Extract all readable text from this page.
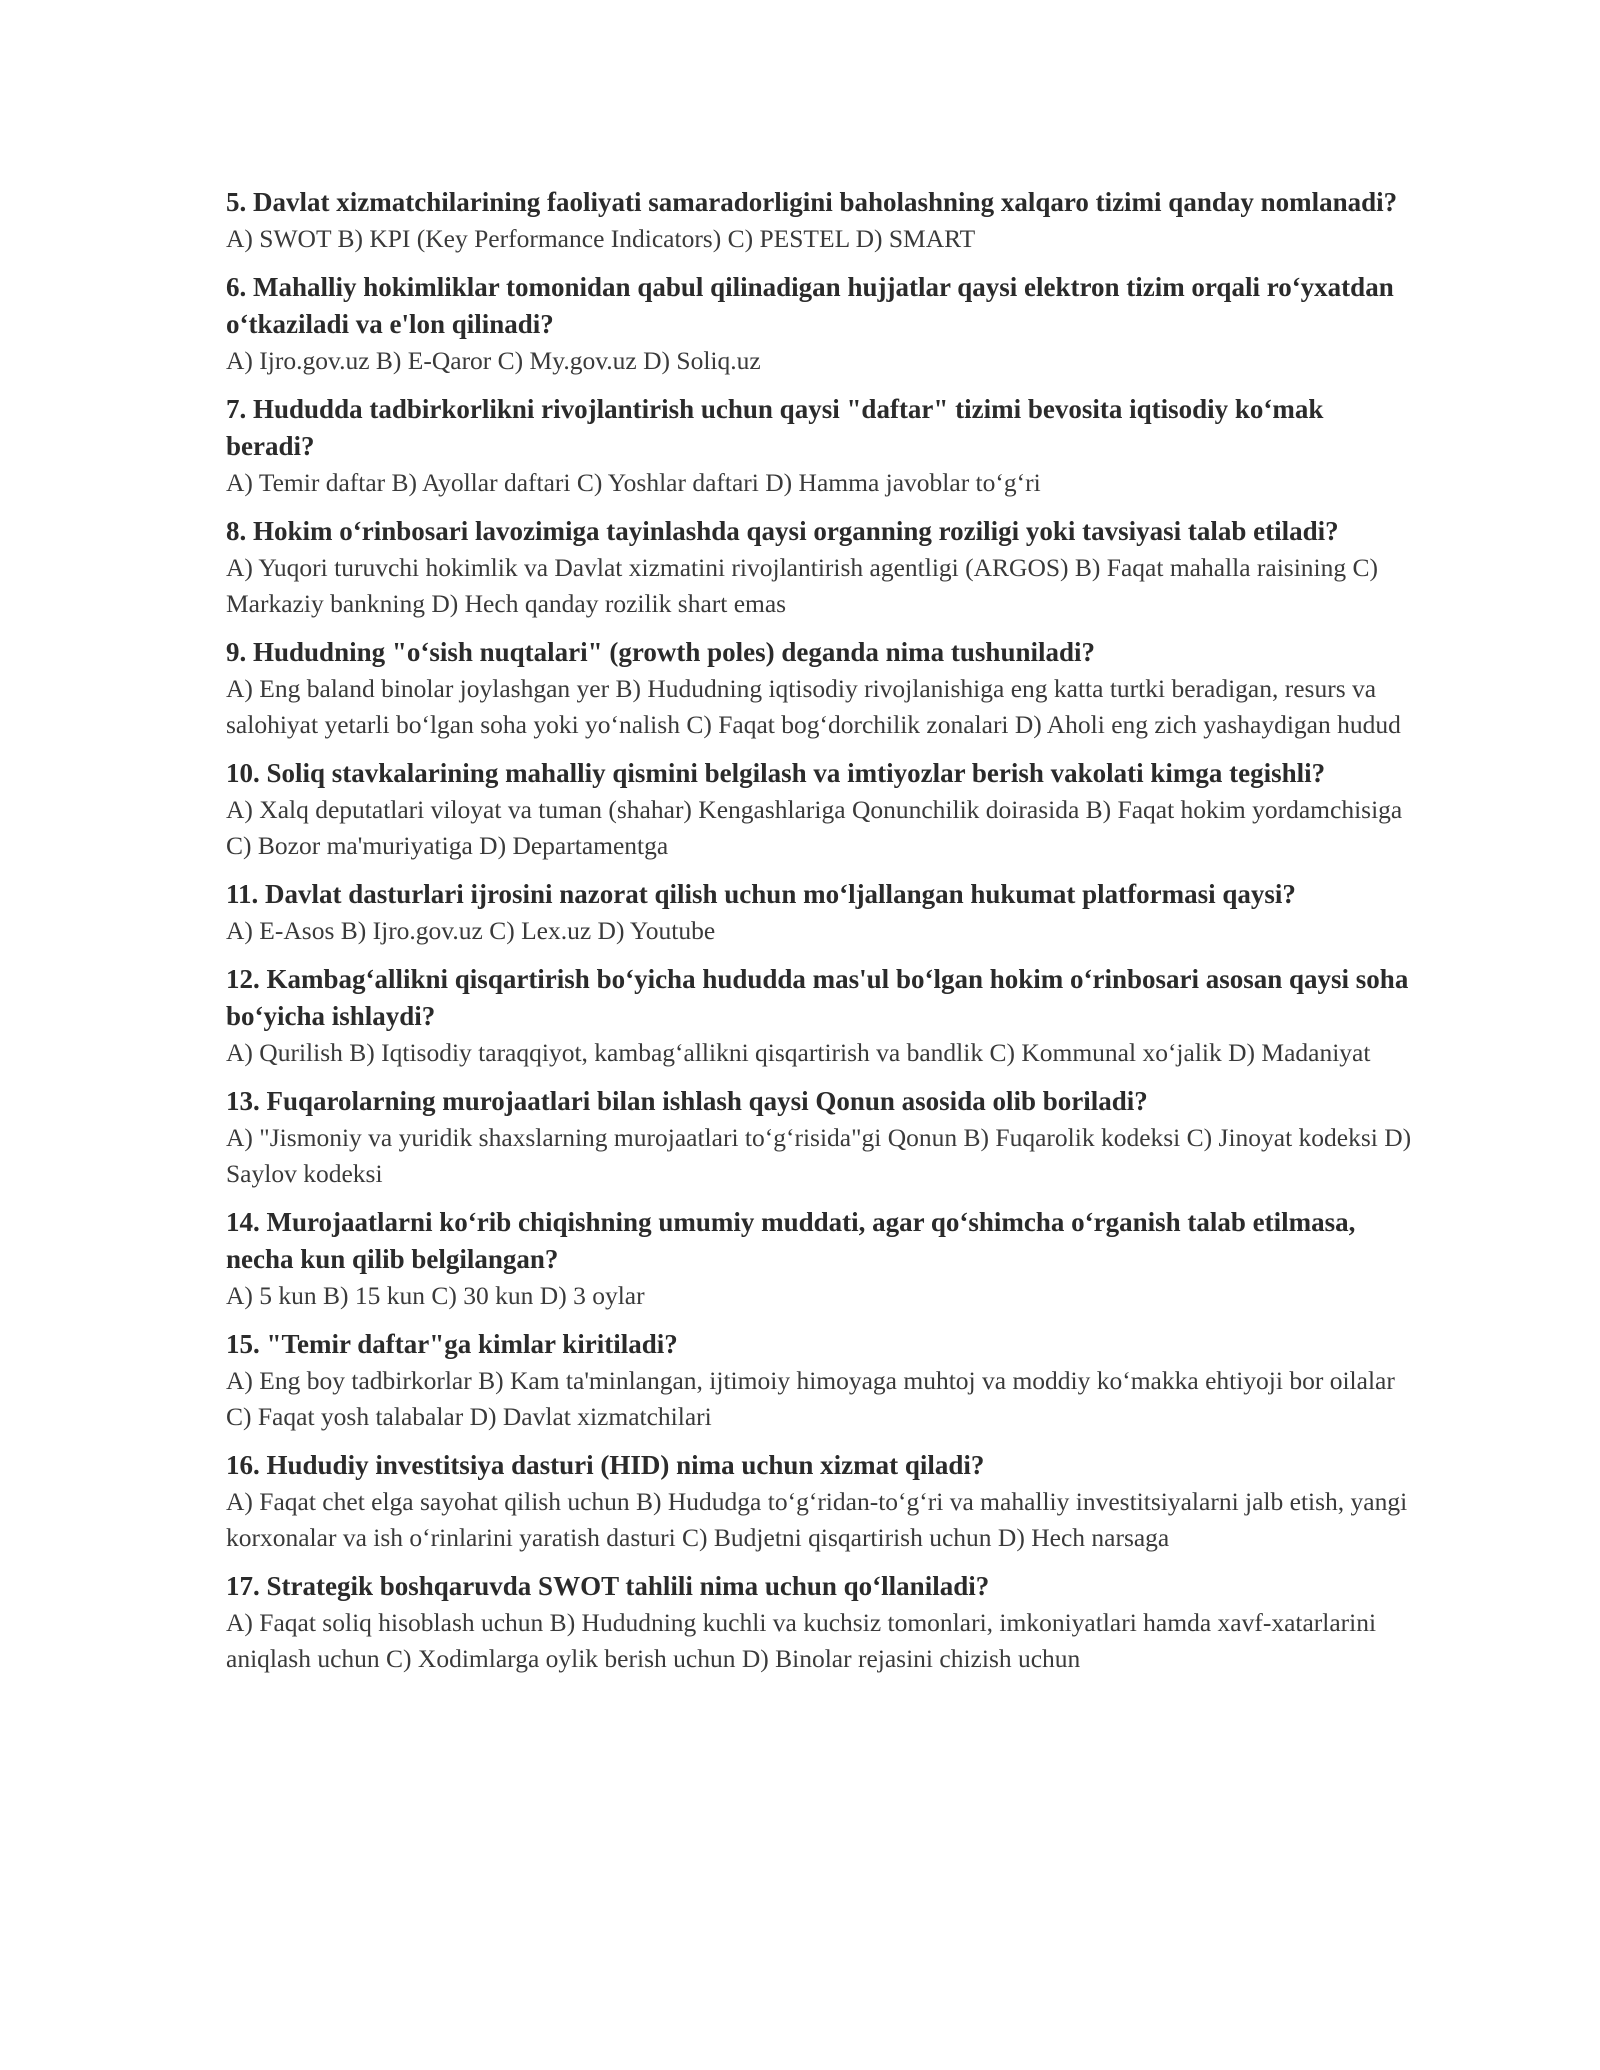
5. Davlat xizmatchilarining faoliyati samaradorligini baholashning xalqaro tizimi qanday nomlanadi?

A) SWOT B) KPI (Key Performance Indicators) C) PESTEL D) SMART

6. Mahalliy hokimliklar tomonidan qabul qilinadigan hujjatlar qaysi elektron tizim orqali ro‘yxatdan o‘tkaziladi va e'lon qilinadi?

A) Ijro.gov.uz B) E-Qaror C) My.gov.uz D) Soliq.uz

7. Hududda tadbirkorlikni rivojlantirish uchun qaysi "daftar" tizimi bevosita iqtisodiy ko‘mak beradi?

A) Temir daftar B) Ayollar daftari C) Yoshlar daftari D) Hamma javoblar to‘g‘ri

8. Hokim o‘rinbosari lavozimiga tayinlashda qaysi organning roziligi yoki tavsiyasi talab etiladi?

A) Yuqori turuvchi hokimlik va Davlat xizmatini rivojlantirish agentligi (ARGOS) B) Faqat mahalla raisining C) Markaziy bankning D) Hech qanday rozilik shart emas

9. Hududning "o‘sish nuqtalari" (growth poles) deganda nima tushuniladi?

A) Eng baland binolar joylashgan yer B) Hududning iqtisodiy rivojlanishiga eng katta turtki beradigan, resurs va salohiyat yetarli bo‘lgan soha yoki yo‘nalish C) Faqat bog‘dorchilik zonalari D) Aholi eng zich yashaydigan hudud

10. Soliq stavkalarining mahalliy qismini belgilash va imtiyozlar berish vakolati kimga tegishli?

A) Xalq deputatlari viloyat va tuman (shahar) Kengashlariga Qonunchilik doirasida B) Faqat hokim yordamchisiga C) Bozor ma'muriyatiga D) Departamentga

11. Davlat dasturlari ijrosini nazorat qilish uchun mo‘ljallangan hukumat platformasi qaysi?

A) E-Asos B) Ijro.gov.uz C) Lex.uz D) Youtube

12. Kambag‘allikni qisqartirish bo‘yicha hududda mas'ul bo‘lgan hokim o‘rinbosari asosan qaysi soha bo‘yicha ishlaydi?

A) Qurilish B) Iqtisodiy taraqqiyot, kambag‘allikni qisqartirish va bandlik C) Kommunal xo‘jalik D) Madaniyat

13. Fuqarolarning murojaatlari bilan ishlash qaysi Qonun asosida olib boriladi?

A) "Jismoniy va yuridik shaxslarning murojaatlari to‘g‘risida"gi Qonun B) Fuqarolik kodeksi C) Jinoyat kodeksi D) Saylov kodeksi

14. Murojaatlarni ko‘rib chiqishning umumiy muddati, agar qo‘shimcha o‘rganish talab etilmasa, necha kun qilib belgilangan?

A) 5 kun B) 15 kun C) 30 kun D) 3 oylar

15. "Temir daftar"ga kimlar kiritiladi?

A) Eng boy tadbirkorlar B) Kam ta'minlangan, ijtimoiy himoyaga muhtoj va moddiy ko‘makka ehtiyoji bor oilalar C) Faqat yosh talabalar D) Davlat xizmatchilari

16. Hududiy investitsiya dasturi (HID) nima uchun xizmat qiladi?

A) Faqat chet elga sayohat qilish uchun B) Hududga to‘g‘ridan-to‘g‘ri va mahalliy investitsiyalarni jalb etish, yangi korxonalar va ish o‘rinlarini yaratish dasturi C) Budjetni qisqartirish uchun D) Hech narsaga

17. Strategik boshqaruvda SWOT tahlili nima uchun qo‘llaniladi?

A) Faqat soliq hisoblash uchun B) Hududning kuchli va kuchsiz tomonlari, imkoniyatlari hamda xavf-xatarlarini aniqlash uchun C) Xodimlarga oylik berish uchun D) Binolar rejasini chizish uchun
